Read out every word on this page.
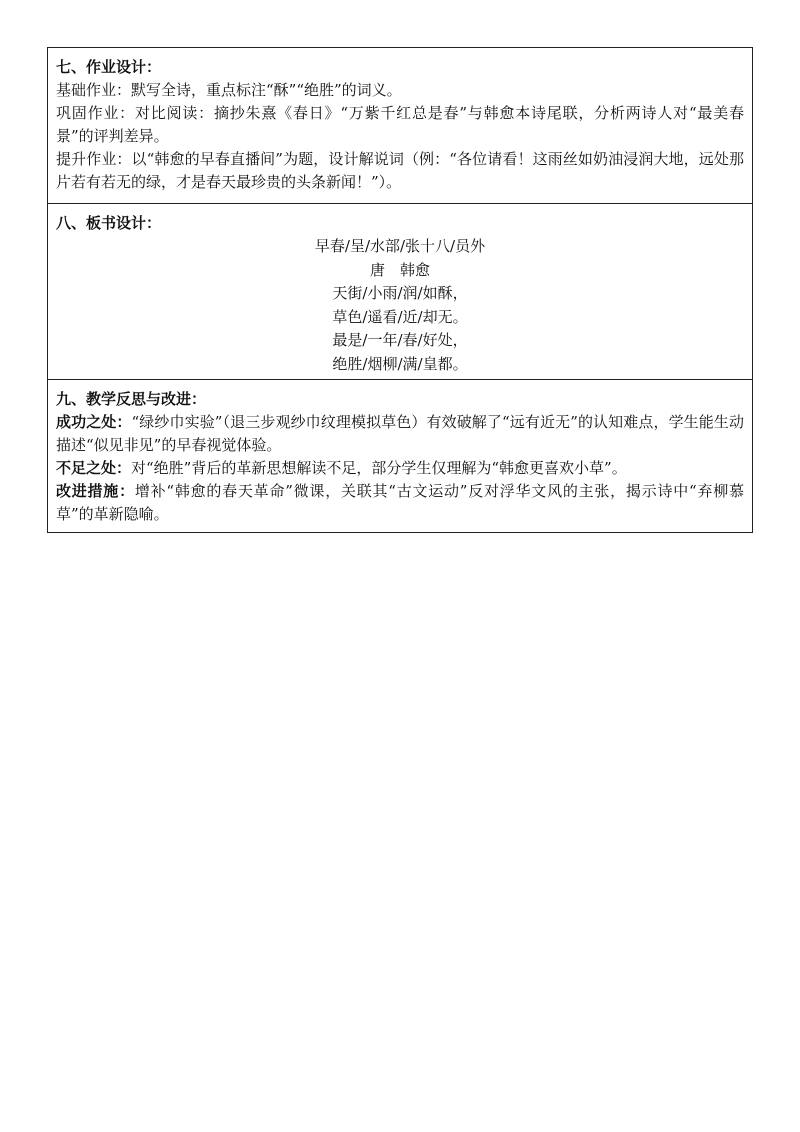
七、作业设计：

基础作业：默写全诗，重点标注“酥”“绝胜”的词义。

巩固作业：对比阅读：摘抄朱熹《春日》“万紫千红总是春”与韩愈本诗尾联，分析两诗人对“最美春景”的评判差异。

提升作业：以“韩愈的早春直播间”为题，设计解说词（例：“各位请看！这雨丝如奶油浸润大地，远处那片若有若无的绿，才是春天最珍贵的头条新闻！”）。

八、板书设计：

早春/呈/水部/张十八/员外
唐　韩愈
天街/小雨/润/如酥，
草色/遥看/近/却无。
最是/一年/春/好处，
绝胜/烟柳/满/皇都。

九、教学反思与改进：

成功之处：“绿纱巾实验”（退三步观纱巾纹理模拟草色）有效破解了“远有近无”的认知难点，学生能生动描述“似见非见”的早春视觉体验。

不足之处：对“绝胜”背后的革新思想解读不足，部分学生仅理解为“韩愈更喜欢小草”。

改进措施：增补“韩愈的春天革命”微课，关联其“古文运动”反对浮华文风的主张，揭示诗中“弃柳慕草”的革新隐喻。
